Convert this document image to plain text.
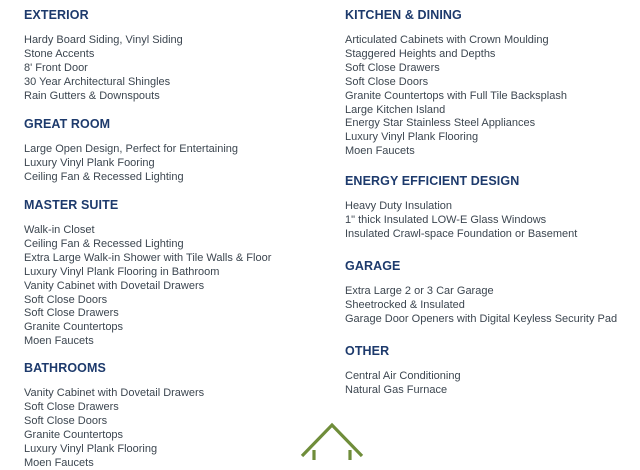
EXTERIOR
Hardy Board Siding, Vinyl Siding
Stone Accents
8' Front Door
30 Year Architectural Shingles
Rain Gutters & Downspouts
GREAT ROOM
Large Open Design, Perfect for Entertaining
Luxury Vinyl Plank Fooring
Ceiling Fan & Recessed Lighting
MASTER SUITE
Walk-in Closet
Ceiling Fan & Recessed Lighting
Extra Large Walk-in Shower with Tile Walls & Floor
Luxury Vinyl Plank Flooring in Bathroom
Vanity Cabinet with Dovetail Drawers
Soft Close Doors
Soft Close Drawers
Granite Countertops
Moen Faucets
BATHROOMS
Vanity Cabinet with Dovetail Drawers
Soft Close Drawers
Soft Close Doors
Granite Countertops
Luxury Vinyl Plank Flooring
Moen Faucets
KITCHEN & DINING
Articulated Cabinets with Crown Moulding
Staggered Heights and Depths
Soft Close Drawers
Soft Close Doors
Granite Countertops with Full Tile Backsplash
Large Kitchen Island
Energy Star Stainless Steel Appliances
Luxury Vinyl Plank Flooring
Moen Faucets
ENERGY EFFICIENT DESIGN
Heavy Duty Insulation
1" thick Insulated LOW-E Glass Windows
Insulated Crawl-space Foundation or Basement
GARAGE
Extra Large 2 or 3 Car Garage
Sheetrocked & Insulated
Garage Door Openers with Digital Keyless Security Pad
OTHER
Central Air Conditioning
Natural Gas Furnace
